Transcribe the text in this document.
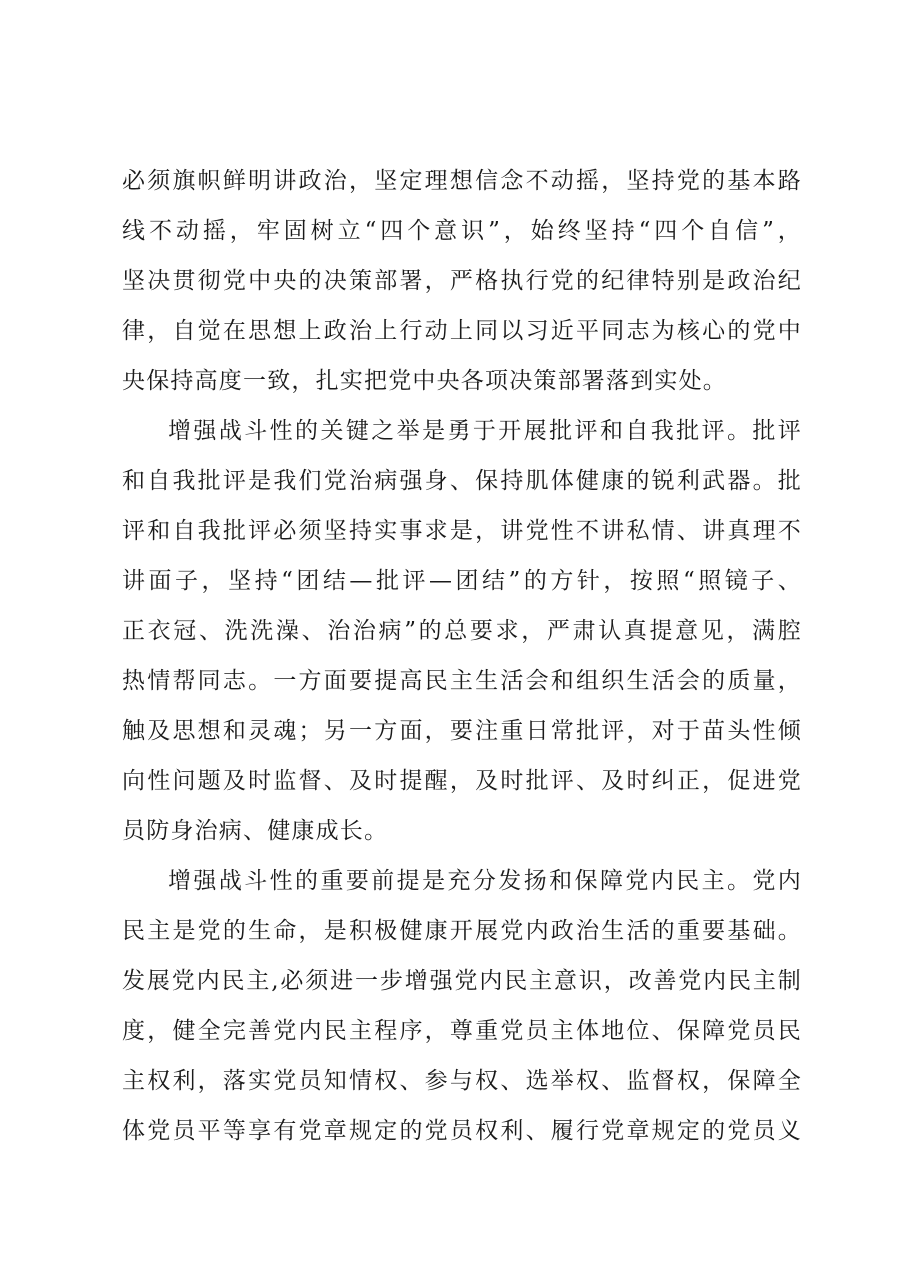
必须旗帜鲜明讲政治，坚定理想信念不动摇，坚持党的基本路
线不动摇，牢固树立“四个意识”，始终坚持“四个自信”，
坚决贯彻党中央的决策部署，严格执行党的纪律特别是政治纪
律，自觉在思想上政治上行动上同以习近平同志为核心的党中
央保持高度一致，扎实把党中央各项决策部署落到实处。
增强战斗性的关键之举是勇于开展批评和自我批评。批评
和自我批评是我们党治病强身、保持肌体健康的锐利武器。批
评和自我批评必须坚持实事求是，讲党性不讲私情、讲真理不
讲面子，坚持“团结—批评—团结”的方针，按照“照镜子、
正衣冠、洗洗澡、治治病”的总要求，严肃认真提意见，满腔
热情帮同志。一方面要提高民主生活会和组织生活会的质量，
触及思想和灵魂；另一方面，要注重日常批评，对于苗头性倾
向性问题及时监督、及时提醒，及时批评、及时纠正，促进党
员防身治病、健康成长。
增强战斗性的重要前提是充分发扬和保障党内民主。党内
民主是党的生命，是积极健康开展党内政治生活的重要基础。
发展党内民主,必须进一步增强党内民主意识，改善党内民主制
度，健全完善党内民主程序，尊重党员主体地位、保障党员民
主权利，落实党员知情权、参与权、选举权、监督权，保障全
体党员平等享有党章规定的党员权利、履行党章规定的党员义
